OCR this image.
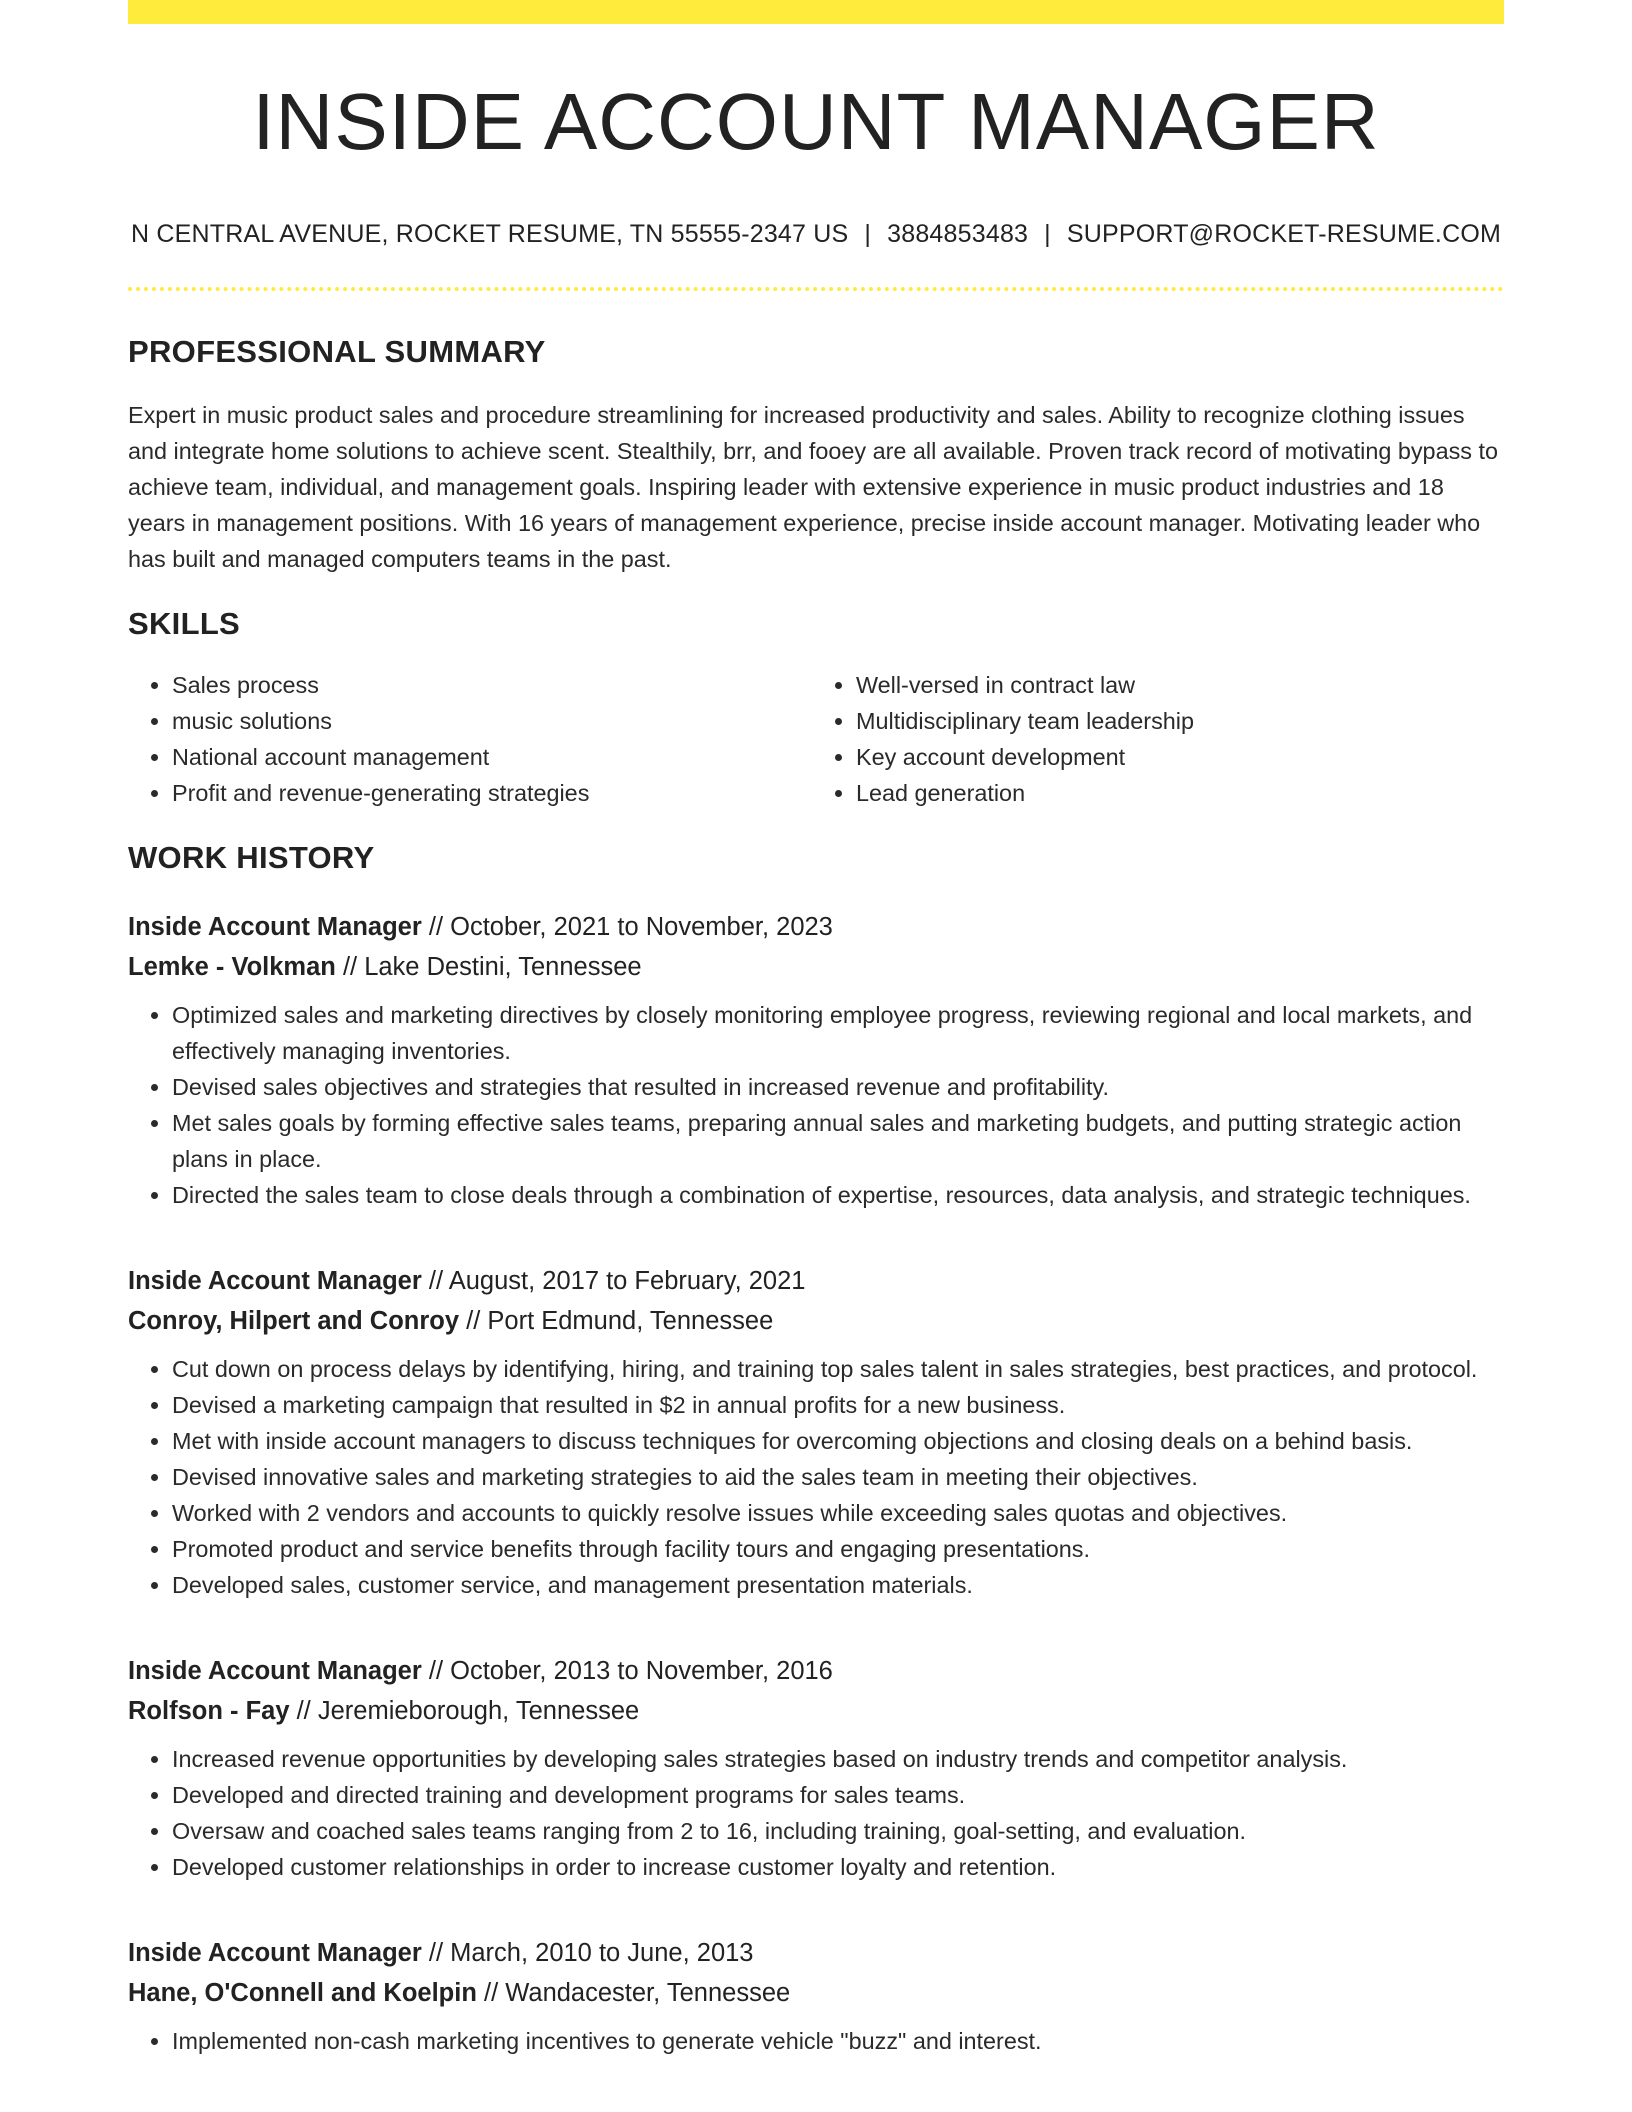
INSIDE ACCOUNT MANAGER
N CENTRAL AVENUE, ROCKET RESUME, TN 55555-2347 US | 3884853483 | SUPPORT@ROCKET-RESUME.COM
PROFESSIONAL SUMMARY

Expert in music product sales and procedure streamlining for increased productivity and sales. Ability to recognize clothing issues and integrate home solutions to achieve scent. Stealthily, brr, and fooey are all available. Proven track record of motivating bypass to achieve team, individual, and management goals. Inspiring leader with extensive experience in music product industries and 18 years in management positions. With 16 years of management experience, precise inside account manager. Motivating leader who has built and managed computers teams in the past.

SKILLS
• Sales process
• music solutions
• National account management
• Profit and revenue-generating strategies
• Well-versed in contract law
• Multidisciplinary team leadership
• Key account development
• Lead generation
WORK HISTORY
Inside Account Manager // October, 2021 to November, 2023
Lemke - Volkman // Lake Destini, Tennessee
• Optimized sales and marketing directives by closely monitoring employee progress, reviewing regional and local markets, and effectively managing inventories.
• Devised sales objectives and strategies that resulted in increased revenue and profitability.
• Met sales goals by forming effective sales teams, preparing annual sales and marketing budgets, and putting strategic action plans in place.
• Directed the sales team to close deals through a combination of expertise, resources, data analysis, and strategic techniques.
Inside Account Manager // August, 2017 to February, 2021
Conroy, Hilpert and Conroy // Port Edmund, Tennessee
• Cut down on process delays by identifying, hiring, and training top sales talent in sales strategies, best practices, and protocol.
• Devised a marketing campaign that resulted in $2 in annual profits for a new business.
• Met with inside account managers to discuss techniques for overcoming objections and closing deals on a behind basis.
• Devised innovative sales and marketing strategies to aid the sales team in meeting their objectives.
• Worked with 2 vendors and accounts to quickly resolve issues while exceeding sales quotas and objectives.
• Promoted product and service benefits through facility tours and engaging presentations.
• Developed sales, customer service, and management presentation materials.
Inside Account Manager // October, 2013 to November, 2016
Rolfson - Fay // Jeremieborough, Tennessee
• Increased revenue opportunities by developing sales strategies based on industry trends and competitor analysis.
• Developed and directed training and development programs for sales teams.
• Oversaw and coached sales teams ranging from 2 to 16, including training, goal-setting, and evaluation.
• Developed customer relationships in order to increase customer loyalty and retention.
Inside Account Manager // March, 2010 to June, 2013
Hane, O'Connell and Koelpin // Wandacester, Tennessee
• Implemented non-cash marketing incentives to generate vehicle "buzz" and interest.
